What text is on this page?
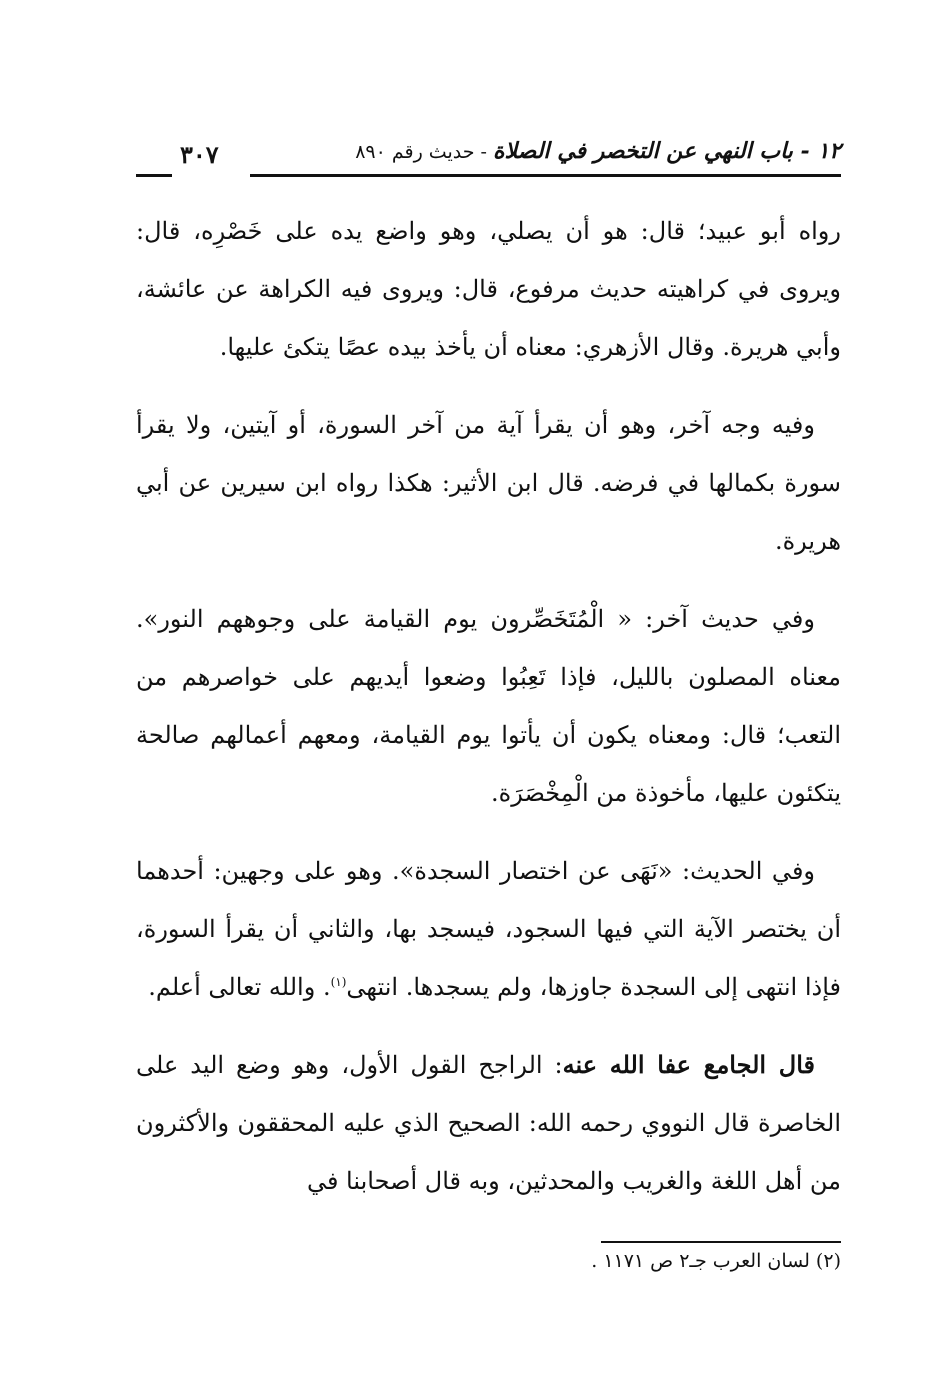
١٢ - باب النهي عن التخصر في الصلاة - حديث رقم ٨٩٠
٣٠٧

رواه أبو عبيد؛ قال: هو أن يصلي، وهو واضع يده على خَصْرِه، قال: ويروى في كراهيته حديث مرفوع، قال: ويروى فيه الكراهة عن عائشة، وأبي هريرة. وقال الأزهري: معناه أن يأخذ بيده عصًا يتكئ عليها.

وفيه وجه آخر، وهو أن يقرأ آية من آخر السورة، أو آيتين، ولا يقرأ سورة بكمالها في فرضه. قال ابن الأثير: هكذا رواه ابن سيرين عن أبي هريرة.

وفي حديث آخر: « الْمُتَخَصِّرون يوم القيامة على وجوههم النور». معناه المصلون بالليل، فإذا تَعِبُوا وضعوا أيديهم على خواصرهم من التعب؛ قال: ومعناه يكون أن يأتوا يوم القيامة، ومعهم أعمالهم صالحة يتكئون عليها، مأخوذة من الْمِخْصَرَة.

وفي الحديث: «نَهَى عن اختصار السجدة». وهو على وجهين: أحدهما أن يختصر الآية التي فيها السجود، فيسجد بها، والثاني أن يقرأ السورة، فإذا انتهى إلى السجدة جاوزها، ولم يسجدها. انتهى$^{(١)}$. والله تعالى أعلم.

قال الجامع عفا الله عنه: الراجح القول الأول، وهو وضع اليد على الخاصرة قال النووي رحمه الله: الصحيح الذي عليه المحققون والأكثرون من أهل اللغة والغريب والمحدثين، وبه قال أصحابنا في

(٢) لسان العرب جـ٢ ص ١١٧١ .
